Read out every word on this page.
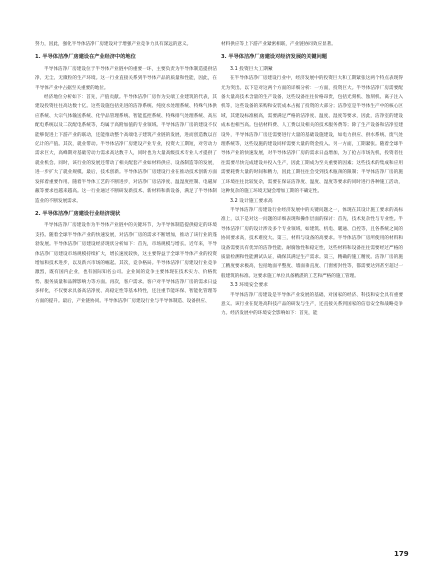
努力，因此，强化半导体洁净厂房建设对于增强产业竞争力具有深远的意义。

1. 半导体洁净厂房建设在产业经济中的地位

半导体洁净厂房建设位于半导体产业链中的重要一环，主要负责为半导体制造提供洁净、无尘、无微粒的生产环境。这一行业直接关系到半导体产品的质量和性能，因此，在半导体产业中占据至关重要的地位。

经济地位分析如下：首先，产值贡献。半导体洁净厂房作为尖端工业建筑的代表，其建设投资往往高达数十亿。这些设施包括先进的洁净系统、纯度水处理系统、特殊气体供应系统、大宗气体输送系统、化学品管理系统、智能监控系统、特殊排气处理系统、高压配电系统以及二次配电系统等，均属于高附加值的专业领域。半导体洁净厂房的建设不仅能够促进上下游产业的联动，还能推动整个高端电子建筑产业链的发展，进而创造数以百亿计的产值。其次，就业带动。半导体洁净厂房建设产业专业，投资大工期短，对劳动力需求巨大，高峰期对基础劳动力需求高达数千人，同时也为大量高级技术专业人才提供了就业机会。同时，该行业的发展还带动了相关配套产业如材料供应、设备制造等的发展，进一步扩大了就业规模。最后，技术创新。半导体洁净厂房建设行业在推动技术创新方面发挥着重要作用。随着半导体工艺的不断进步，对洁净厂房洁净度、温湿度控制、电磁屏蔽等要求也越来越高。这一行业通过不断研发新技术、新材料和新设备，满足了半导体制造业的不断发展需求。

2. 半导体洁净厂房建设行业经济现状

半导体洁净厂房建设作为半导体产业链中的关键环节，为半导体制造提供稳定的环境支持。随着全球半导体产业的快速发展，对洁净厂房的需求不断增加，推动了该行业的蓬勃发展。半导体洁净厂房建设经济现状分析如下：首先，市场规模与增长。近年来，半导体洁净厂房建设市场规模持续扩大，增长速度较快，这主要得益于全球半导体产业的投资增加和技术进步，以及新兴市场的崛起。其次，竞争格局。半导体洁净厂房建设行业竞争激烈，既有国内企业，也有国际知名公司。企业间的竞争主要体现在技术实力、价格优势、服务质量和品牌影响力等方面。再次，客户需求。客户对半导体洁净厂房的需求日益多样化，不仅要求具备高洁净度、高稳定性等基本特性，还注重节能环保、智能化管理等方面的提升。最后，产业链协同。半导体洁净厂房建设行业与半导体制造、设备供应、

材料供应等上下游产业紧密相联，产业链协同效应显著。

3. 半导体洁净厂房建设对经济发展的关键问题
3.1 投资巨大工期紧

在半导体洁净厂房建设行业中，经济发展中的投资巨大和工期紧张这两个特点表现得尤为突出。以下是对这两个方面的详细分析：一方面，投资巨大。半导体洁净厂房需要配备大量高技术含量的生产设备，这些设备往往价格昂贵，包括光刻机、蚀刻机、离子注入机等，这些设备的采购和安装成本占据了投资的大部分；洁净室是半导体生产中的核心区域，其建设标准极高，需要满足严格的洁净度、温度、湿度等要求，因此，洁净室的建设成本也相当高。包括材料费、人工费以及相关的技术服务费等；除了生产设备和洁净室建设外，半导体洁净厂房还需要进行大量的基础设施建设，如电力供应、供水系统、废气处理系统等，这些设施的建设同样需要大量的资金投入。另一方面，工期紧张。随着全球半导体产业的快速发展，对半导体洁净厂房的需求日益增加，为了抢占市场先机，投资者往往需要尽快完成建设并投入生产，因此工期成为至关重要的因素；这些技术的集成和应用需要耗费大量的时间和精力，因此工期往往会受到技术瓶颈的限制；半导体洁净厂房的施工环境往往比较复杂，需要在保证洁净度、温度、湿度等要求的同时进行各种施工活动，这种复杂的施工环境无疑会增加工期的不确定性。

3.2 设计施工要求高

半导体洁净厂房建设行业经济发展中的关键问题之一，体现在其设计施工要求的高标准上，以下是对这一问题的详细表现和操作层面的探讨：首先，技术复杂性与专业性。半导体洁净厂房的设计涉及多个专业领域，如建筑、机电、暖通、自控等，且各系统之间的协同要求高，技术难度大。第三，材料与设备的高要求。半导体洁净厂房所使用的材料和设备需要具有优异的洁净性能、耐腐蚀性和稳定性，这些材料和设备往往需要经过严格的质量检测和性能测试认证，确保其满足生产需求。第三，精确的施工精度。洁净厂房的施工精度要求极高，包括地面平整度、墙面垂直度、门窗密封性等，都需要达到甚至超过一般建筑的标准。这要求施工单位具备精湛的工艺和严格的施工管理。

3.3 环境安全要求

半导体洁净厂房建设是半导体产业发展的基础，对国家的经济、科技和安全具有重要意义。该行业在促进高科技产品的研发与生产，还直接关系到国家的信息安全和战略竞争力。经济发展中的环境安全影响如下：首先，能

179
